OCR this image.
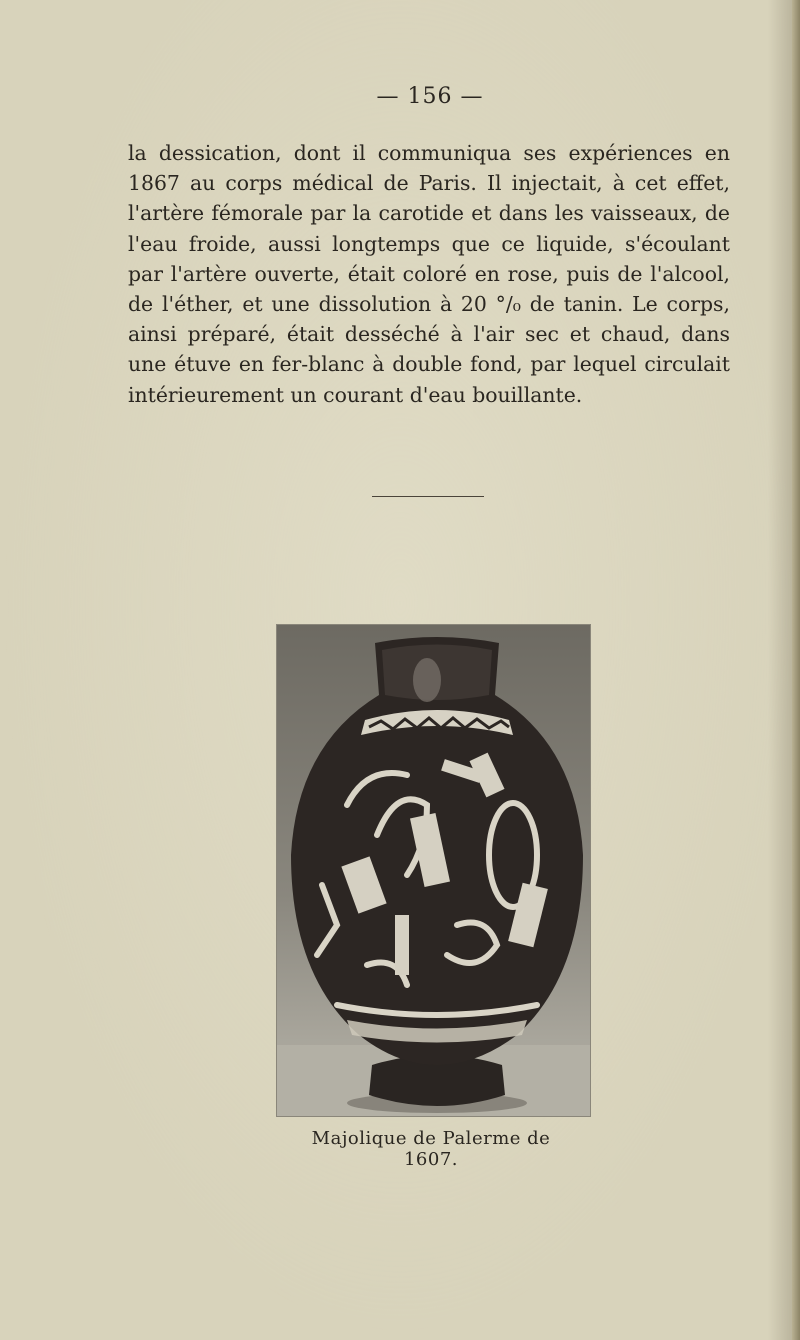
— 156 —

la dessication, dont il communiqua ses expériences en 1867 au corps médical de Paris. Il injectait, à cet effet, l'artère fémorale par la carotide et dans les vaisseaux, de l'eau froide, aussi longtemps que ce liquide, s'écoulant par l'artère ouverte, était coloré en rose, puis de l'alcool, de l'éther, et une dissolution à 20 °/₀ de tanin. Le corps, ainsi préparé, était desséché à l'air sec et chaud, dans une étuve en fer-blanc à double fond, par lequel circulait intérieurement un courant d'eau bouillante.

Majolique de Palerme de 1607.
